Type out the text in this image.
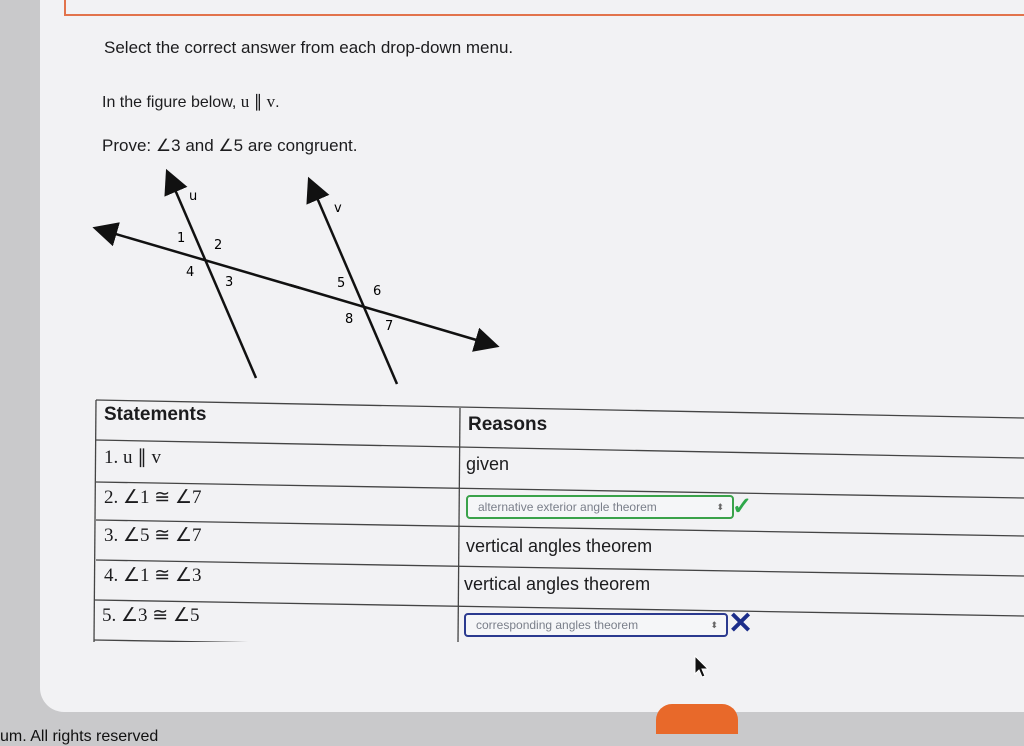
Select the correct answer from each drop-down menu.
In the figure below, u ∥ v.
Prove: ∠3 and ∠5 are congruent.
u
v
1 2
4
3	5
6
8 7
Statements	Reasons
1. u ∥ v	given
2. ∠1 ≅ ∠7	alternative exterior angle theorem	⬍ ✓
3. ∠5 ≅ ∠7	vertical angles theorem
4. ∠1 ≅ ∠3	vertical angles theorem
5. ∠3 ≅ ∠5	corresponding angles theorem	⬍ ✕
um. All rights reserved
